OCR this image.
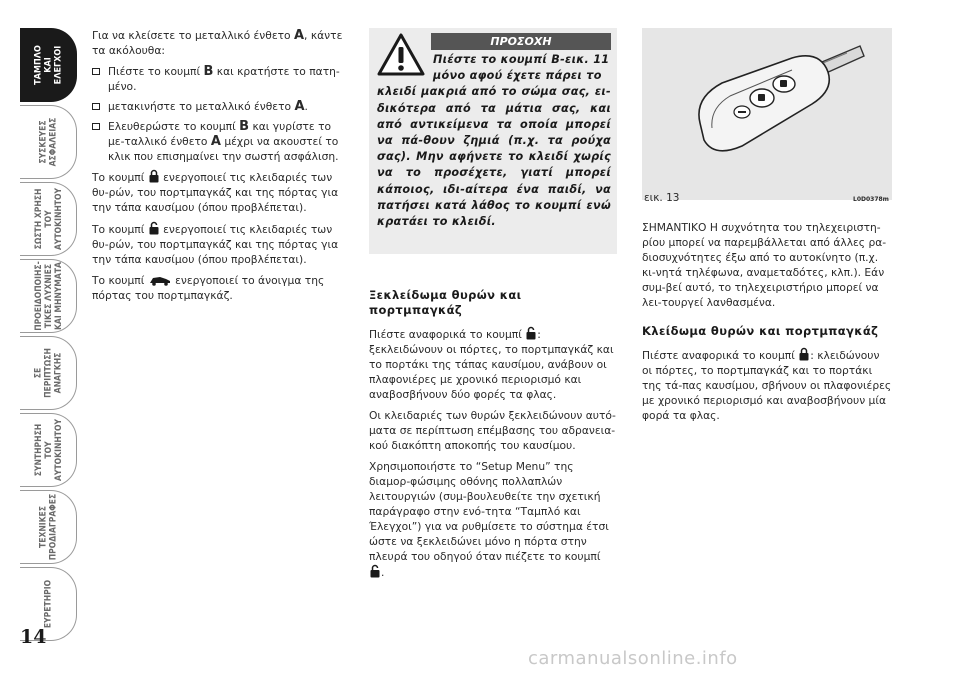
ΤΑΜΠΛΟ
ΚΑΙ
ΕΛΕΓΧΟΙ
ΣΥΣΚΕΥΕΣ
ΑΣΦΑΛΕΙΑΣ
ΣΩΣΤΗ ΧΡΗΣΗ
ΤΟΥ
ΑΥΤΟΚΙΝΗΤΟΥ
ΠΡΟΕΙΔΟΠΟΙΗΣ-
ΤΙΚΕΣ ΛΥΧΝΙΕΣ
ΚΑΙ ΜΗΝΥΜΑΤΑ
ΣΕ ΠΕΡΙΠΤΩΣΗ
ΑΝΑΓΚΗΣ
ΣΥΝΤΗΡΗΣΗ
ΤΟΥ
ΑΥΤΟΚΙΝΗΤΟΥ
ΤΕΧΝΙΚΕΣ
ΠΡΟΔΙΑΓΡΑΦΕΣ
ΕΥΡΕΤΗΡΙΟ
14

Για να κλείσετε το μεταλλικό ένθετο A, κάντε τα ακόλουθα:

Πιέστε το κουμπί B και κρατήστε το πατη-μένο.
μετακινήστε το μεταλλικό ένθετο A.
Ελευθερώστε το κουμπί B και γυρίστε το με-ταλλικό ένθετο A μέχρι να ακουστεί το κλικ που επισημαίνει την σωστή ασφάλιση.

Το κουμπί  ενεργοποιεί τις κλειδαριές των θυ-ρών, του πορτμπαγκάζ και της πόρτας για την τάπα καυσίμου (όπου προβλέπεται).

Το κουμπί  ενεργοποιεί τις κλειδαριές των θυ-ρών, του πορτμπαγκάζ και της πόρτας για την τάπα καυσίμου (όπου προβλέπεται).

Το κουμπί  ενεργοποιεί το άνοιγμα της πόρτας του πορτμπαγκάζ.

ΠΡΟΣΟΧΗ
Πιέστε το κουμπί B-εικ. 11
μόνο αφού έχετε πάρει το
κλειδί μακριά από το σώμα σας, ει-δικότερα από τα μάτια σας, και από αντικείμενα τα οποία μπορεί να πά-θουν ζημιά (π.χ. τα ρούχα σας). Μην αφήνετε το κλειδί χωρίς να το προσέχετε, γιατί μπορεί κάποιος, ιδι-αίτερα ένα παιδί, να πατήσει κατά λάθος το κουμπί ενώ κρατάει το κλειδί.
Ξεκλείδωμα θυρών και πορτμπαγκάζ

Πιέστε αναφορικά το κουμπί : ξεκλειδώνουν οι πόρτες, το πορτμπαγκάζ και το πορτάκι της τάπας καυσίμου, ανάβουν οι πλαφονιέρες με χρονικό περιορισμό και αναβοσβήνουν δύο φορές τα φλας.

Οι κλειδαριές των θυρών ξεκλειδώνουν αυτό-ματα σε περίπτωση επέμβασης του αδρανεια-κού διακόπτη αποκοπής του καυσίμου.

Χρησιμοποιήστε το “Setup Menu” της διαμορ-φώσιμης οθόνης πολλαπλών λειτουργιών (συμ-βουλευθείτε την σχετική παράγραφο στην ενό-τητα “Ταμπλό και Έλεγχοι”) για να ρυθμίσετε το σύστημα έτσι ώστε να ξεκλειδώνει μόνο η πόρτα στην πλευρά του οδηγού όταν πιέζετε το κουμπί
.

εικ. 13	L0D0378m

ΣΗΜΑΝΤΙΚΟ Η συχνότητα του τηλεχειριστη-ρίου μπορεί να παρεμβάλλεται από άλλες ρα-διοσυχνότητες έξω από το αυτοκίνητο (π.χ. κι-νητά τηλέφωνα, αναμεταδότες, κλπ.). Εάν συμ-βεί αυτό, το τηλεχειριστήριο μπορεί να λει-τουργεί λανθασμένα.

Κλείδωμα θυρών και πορτμπαγκάζ

Πιέστε αναφορικά το κουμπί : κλειδώνουν οι πόρτες, το πορτμπαγκάζ και το πορτάκι της τά-πας καυσίμου, σβήνουν οι πλαφονιέρες με χρονικό περιορισμό και αναβοσβήνουν μία φορά τα φλας.

carmanualsonline.info
